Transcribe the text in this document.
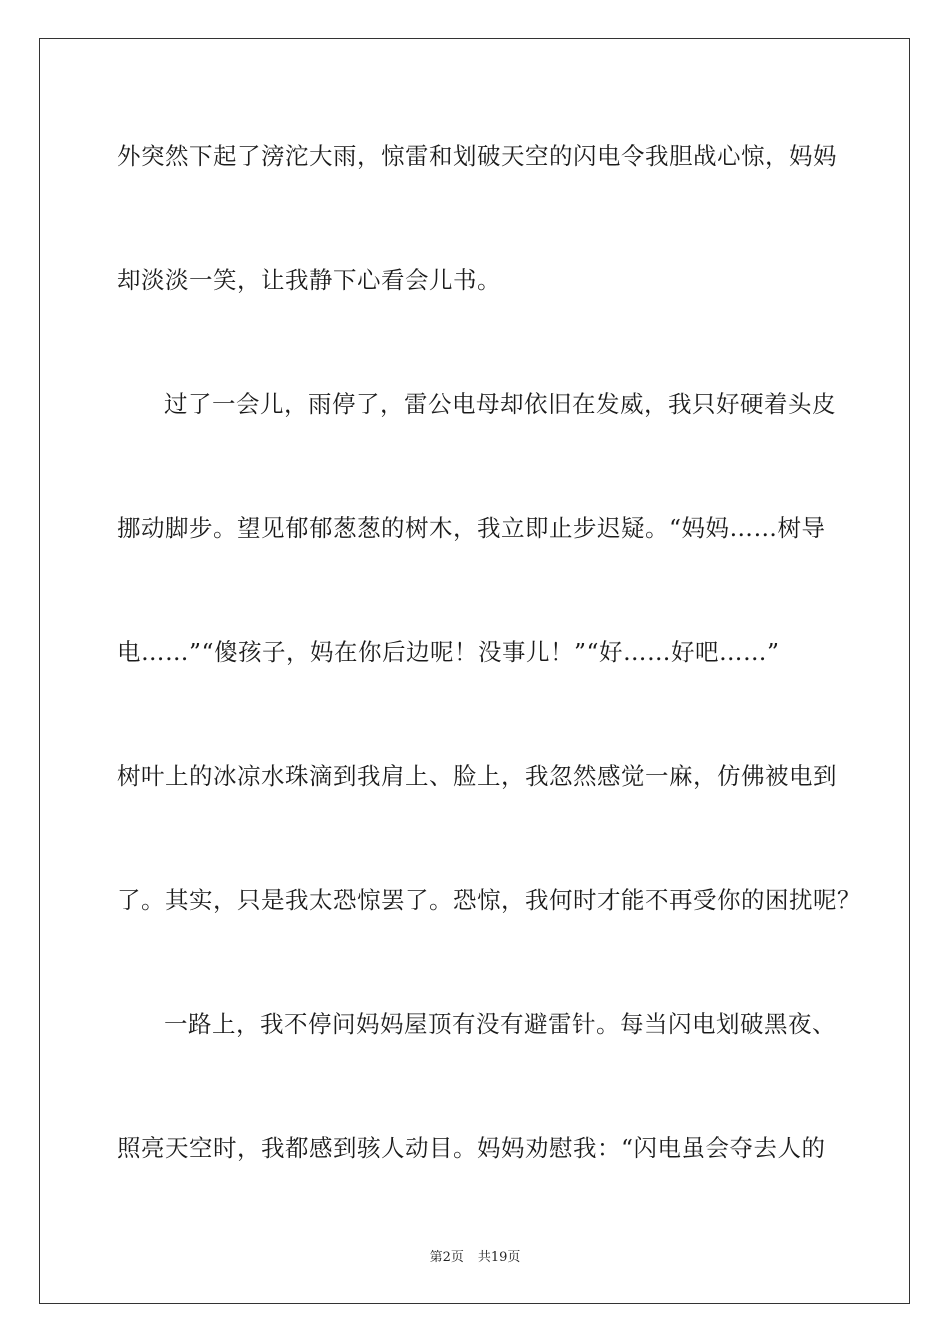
外突然下起了滂沱大雨，惊雷和划破天空的闪电令我胆战心惊，妈妈
却淡淡一笑，让我静下心看会儿书。
过了一会儿，雨停了，雷公电母却依旧在发威，我只好硬着头皮
挪动脚步。望见郁郁葱葱的树木，我立即止步迟疑。“妈妈……树导
电……”“傻孩子，妈在你后边呢！没事儿！”“好……好吧……”
树叶上的冰凉水珠滴到我肩上、脸上，我忽然感觉一麻，仿佛被电到
了。其实，只是我太恐惊罢了。恐惊，我何时才能不再受你的困扰呢？
一路上，我不停问妈妈屋顶有没有避雷针。每当闪电划破黑夜、
照亮天空时，我都感到骇人动目。妈妈劝慰我：“闪电虽会夺去人的
第2页 共19页
